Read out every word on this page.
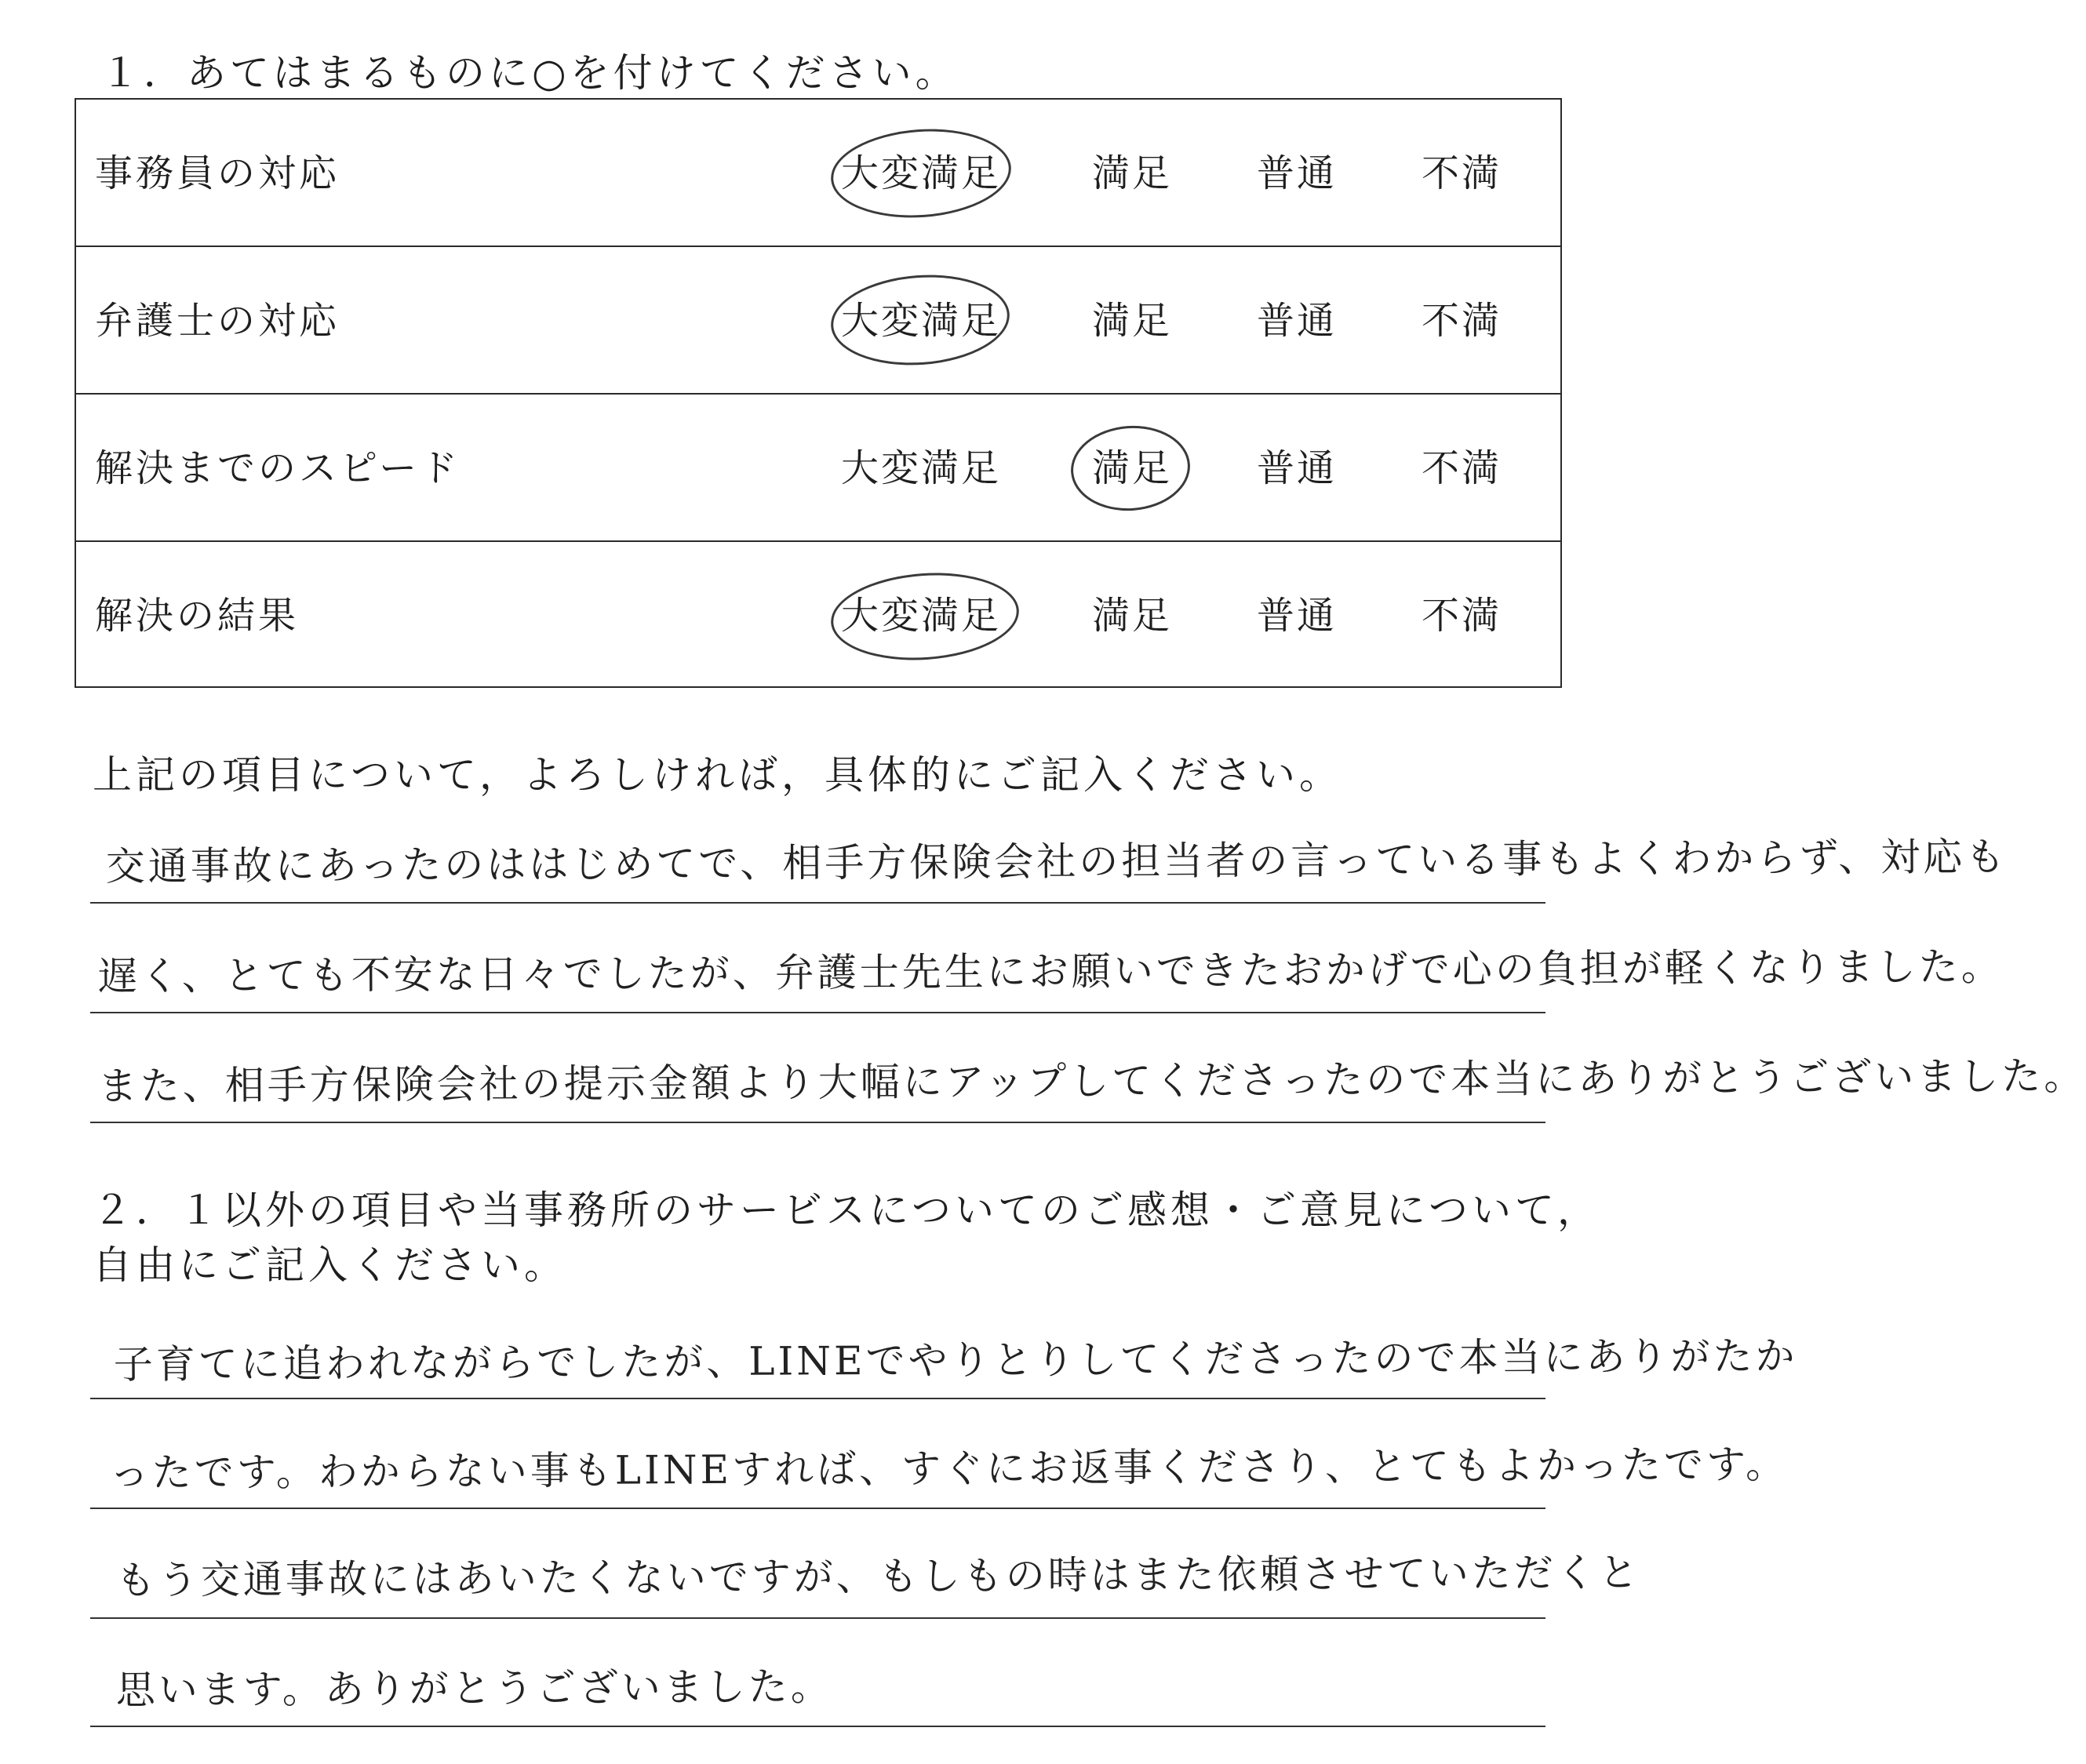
１．あてはまるものに○を付けてください。
事務員の対応	大変満足 満足 普通 不満
弁護士の対応	大変満足 満足 普通 不満
解決までのスピード	大変満足 満足 普通 不満
解決の結果	大変満足 満足 普通 不満
上記の項目について，よろしければ，具体的にご記入ください。
交通事故にあったのははじめてで、相手方保険会社の担当者の言っている事もよくわからず、対応も
遅く、とても不安な日々でしたが、弁護士先生にお願いできたおかげで心の負担が軽くなりました。
また、相手方保険会社の提示金額より大幅にアップしてくださったので本当にありがとうございました。
２．１以外の項目や当事務所のサービスについてのご感想・ご意見について，
自由にご記入ください。
子育てに追われながらでしたが、LINEでやりとりしてくださったので本当にありがたか
ったです。わからない事もLINEすれば、すぐにお返事くださり、とてもよかったです。
もう交通事故にはあいたくないですが、もしもの時はまた依頼させていただくと
思います。ありがとうございました。
